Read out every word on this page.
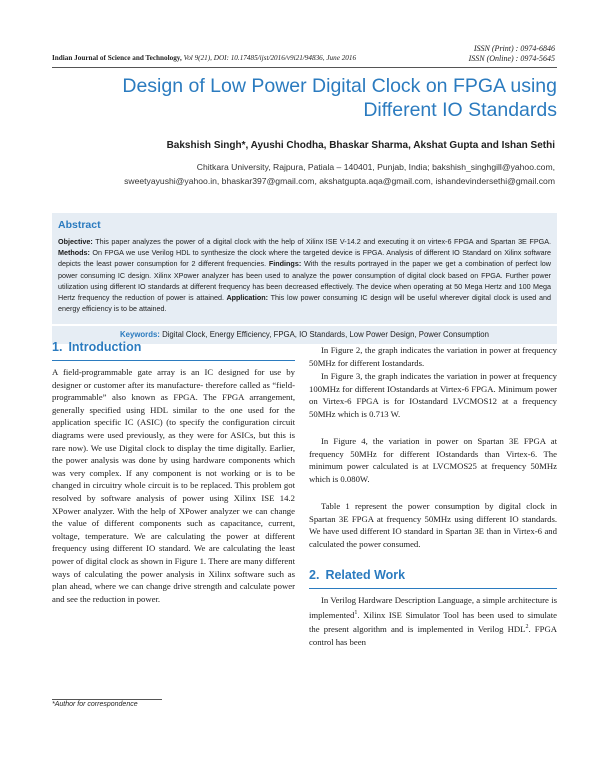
ISSN (Print) : 0974-6846
ISSN (Online) : 0974-5645
Indian Journal of Science and Technology, Vol 9(21), DOI: 10.17485/ijst/2016/v9i21/94836, June 2016
Design of Low Power Digital Clock on FPGA using
Different IO Standards
Bakshish Singh*, Ayushi Chodha, Bhaskar Sharma, Akshat Gupta and Ishan Sethi
Chitkara University, Rajpura, Patiala – 140401, Punjab, India; bakshish_singhgill@yahoo.com,
sweetyayushi@yahoo.in, bhaskar397@gmail.com, akshatgupta.aqa@gmail.com, ishandevindersethi@gmail.com
Abstract

Objective: This paper analyzes the power of a digital clock with the help of Xilinx ISE V-14.2 and executing it on virtex-6 FPGA and Spartan 3E FPGA. Methods: On FPGA we use Verilog HDL to synthesize the clock where the targeted device is FPGA. Analysis of different IO Standard on Xilinx software depicts the least power consumption for 2 different frequencies. Findings: With the results portrayed in the paper we get a combination of perfect low power consuming IC design. Xilinx XPower analyzer has been used to analyze the power consumption of digital clock based on FPGA. Further power utilization using different IO standards at different frequency has been decreased effectively. The device when operating at 50 Mega Hertz and 100 Mega Hertz frequency the reduction of power is attained. Application: This low power consuming IC design will be useful wherever digital clock is used and energy efficiency is to be attained.

Keywords: Digital Clock, Energy Efficiency, FPGA, IO Standards, Low Power Design, Power Consumption
1. Introduction

A field-programmable gate array is an IC designed for use by designer or customer after its manufacture- therefore called as “field-programmable” also known as FPGA. The FPGA arrangement, generally specified using HDL similar to the one used for the application specific IC (ASIC) (to specify the configuration circuit diagrams were used previously, as they were for ASICs, but this is rare now). We use Digital clock to display the time digitally. Earlier, the power analysis was done by using hardware components which was very complex. If any component is not working or is to be changed in circuitry whole circuit is to be replaced. This problem got resolved by software analysis of power using Xilinx ISE 14.2 XPower analyzer. With the help of XPower analyzer we can change the value of different components such as capacitance, current, voltage, temperature. We are calculating the power at different frequency using different IO standard. We are calculating the least power of digital clock as shown in Figure 1. There are many different ways of calculating the power analysis in Xilinx software such as plan ahead, where we can change drive strength and calculate power and see the reduction in power.

In Figure 2, the graph indicates the variation in power at frequency 50MHz for different Iostandards.

In Figure 3, the graph indicates the variation in power at frequency 100MHz for different IOstandards at Virtex-6 FPGA. Minimum power on Virtex-6 FPGA is for IOstandard LVCMOS12 at a frequency 50MHz which is 0.713 W.

In Figure 4, the variation in power on Spartan 3E FPGA at frequency 50MHz for different IOstandards than Virtex-6. The minimum power calculated is at LVCMOS25 at frequency 50MHz which is 0.080W.

Table 1 represent the power consumption by digital clock in Spartan 3E FPGA at frequency 50MHz using different IO standards. We have used different IO standard in Spartan 3E than in Virtex-6 and calculated the power consumed.

2. Related Work

In Verilog Hardware Description Language, a simple architecture is implemented$^1$. Xilinx ISE Simulator Tool has been used to simulate the present algorithm and is implemented in Verilog HDL$^2$. FPGA control has been

*Author for correspondence
